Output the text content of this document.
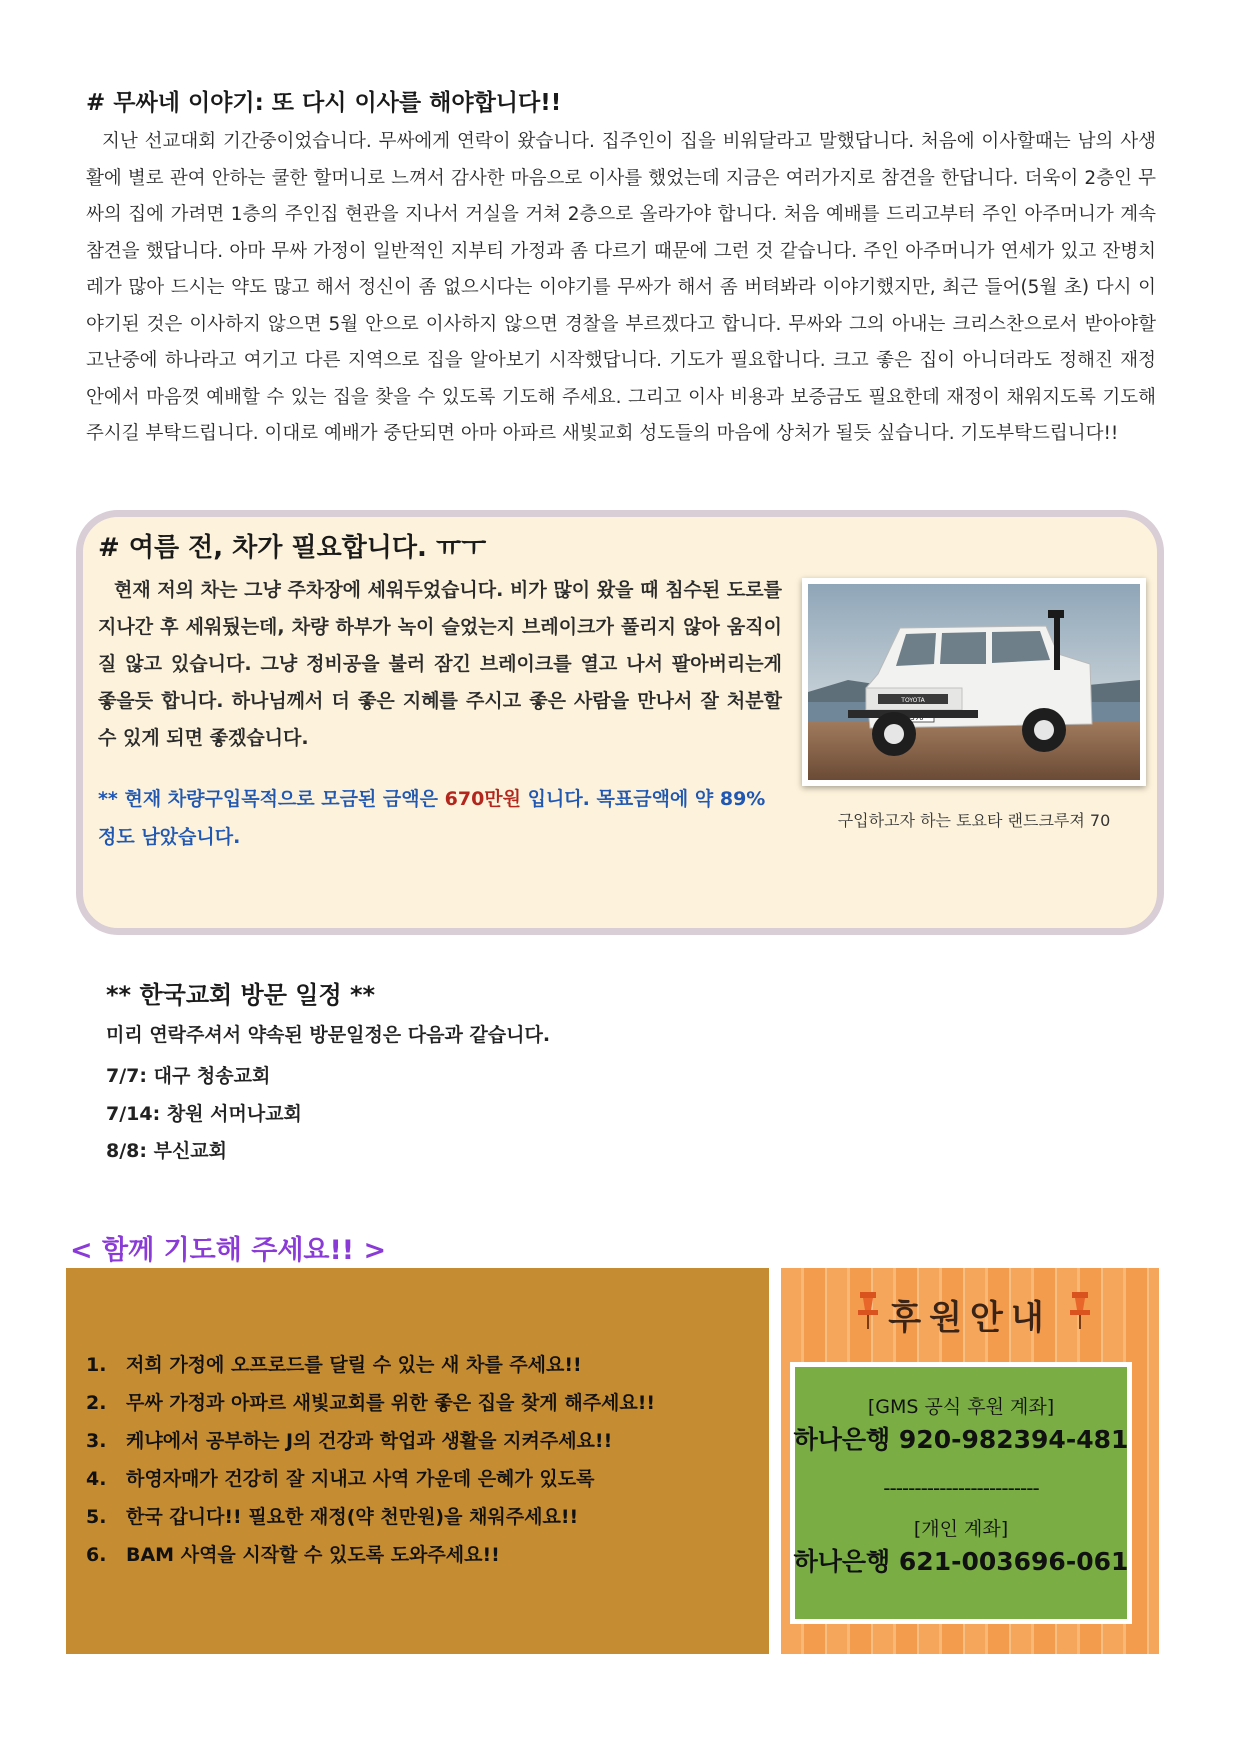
# 무싸네 이야기: 또 다시 이사를 해야합니다!!

지난 선교대회 기간중이었습니다. 무싸에게 연락이 왔습니다. 집주인이 집을 비워달라고 말했답니다. 처음에 이사할때는 남의 사생활에 별로 관여 안하는 쿨한 할머니로 느껴서 감사한 마음으로 이사를 했었는데 지금은 여러가지로 참견을 한답니다. 더욱이 2층인 무싸의 집에 가려면 1층의 주인집 현관을 지나서 거실을 거쳐 2층으로 올라가야 합니다. 처음 예배를 드리고부터 주인 아주머니가 계속 참견을 했답니다. 아마 무싸 가정이 일반적인 지부티 가정과 좀 다르기 때문에 그런 것 같습니다. 주인 아주머니가 연세가 있고 잔병치레가 많아 드시는 약도 많고 해서 정신이 좀 없으시다는 이야기를 무싸가 해서 좀 버텨봐라 이야기했지만, 최근 들어(5월 초) 다시 이야기된 것은 이사하지 않으면 5월 안으로 이사하지 않으면 경찰을 부르겠다고 합니다. 무싸와 그의 아내는 크리스찬으로서 받아야할 고난중에 하나라고 여기고 다른 지역으로 집을 알아보기 시작했답니다. 기도가 필요합니다. 크고 좋은 집이 아니더라도 정해진 재정 안에서 마음껏 예배할 수 있는 집을 찾을 수 있도록 기도해 주세요. 그리고 이사 비용과 보증금도 필요한데 재정이 채워지도록 기도해 주시길 부탁드립니다. 이대로 예배가 중단되면 아마 아파르 새빛교회 성도들의 마음에 상처가 될듯 싶습니다. 기도부탁드립니다!!

# 여름 전, 차가 필요합니다. ㅠㅜ

현재 저의 차는 그냥 주차장에 세워두었습니다. 비가 많이 왔을 때 침수된 도로를 지나간 후 세워뒀는데, 차량 하부가 녹이 슬었는지 브레이크가 풀리지 않아 움직이질 않고 있습니다. 그냥 정비공을 불러 잠긴 브레이크를 열고 나서 팔아버리는게 좋을듯 합니다. 하나님께서 더 좋은 지혜를 주시고 좋은 사람을 만나서 잘 처분할 수 있게 되면 좋겠습니다.

** 현재 차량구입목적으로 모금된 금액은 670만원 입니다. 목표금액에 약 89% 정도 남았습니다.

TOYOTA
구입하고자 하는 토요타 랜드크루져 70
** 한국교회 방문 일정 **
미리 연락주셔서 약속된 방문일정은 다음과 같습니다.
7/7: 대구 청송교회
7/14: 창원 서머나교회
8/8: 부신교회
< 함께 기도해 주세요!! >
1.	저희 가정에 오프로드를 달릴 수 있는 새 차를 주세요!!
2.	무싸 가정과 아파르 새빛교회를 위한 좋은 집을 찾게 해주세요!!
3.	케냐에서 공부하는 J의 건강과 학업과 생활을 지켜주세요!!
4.	하영자매가 건강히 잘 지내고 사역 가운데 은혜가 있도록
5.	한국 갑니다!! 필요한 재정(약 천만원)을 채워주세요!!
6.	BAM 사역을 시작할 수 있도록 도와주세요!!
후원안내
[GMS 공식 후원 계좌]
하나은행 920-982394-481
-------------------------
[개인 계좌]
하나은행 621-003696-061
